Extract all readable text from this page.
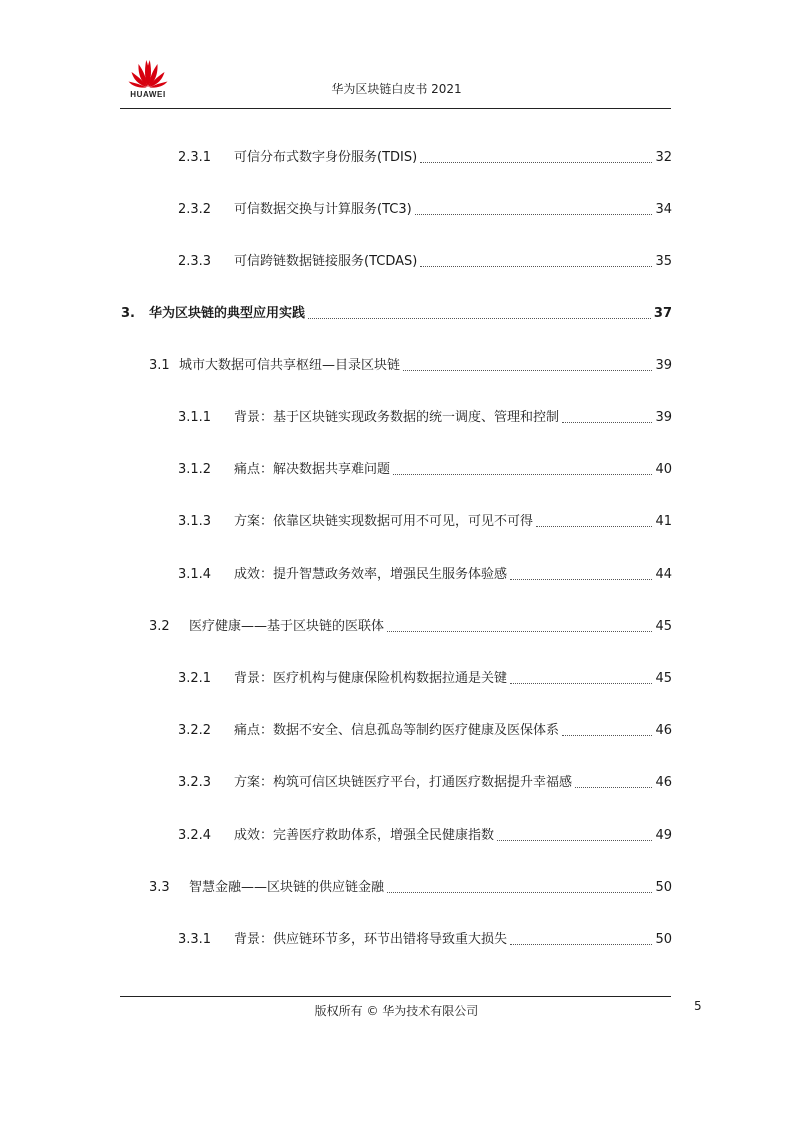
HUAWEI	华为区块链白皮书 2021
2.3.1	可信分布式数字身份服务(TDIS)	32
2.3.2	可信数据交换与计算服务(TC3)	34
2.3.3	可信跨链数据链接服务(TCDAS)	35
3.	华为区块链的典型应用实践	37
3.1 城市大数据可信共享枢纽—目录区块链	39
3.1.1	背景：基于区块链实现政务数据的统一调度、管理和控制	39
3.1.2	痛点：解决数据共享难问题	40
3.1.3	方案：依靠区块链实现数据可用不可见，可见不可得	41
3.1.4	成效：提升智慧政务效率，增强民生服务体验感	44
3.2	医疗健康——基于区块链的医联体	45
3.2.1	背景：医疗机构与健康保险机构数据拉通是关键	45
3.2.2	痛点：数据不安全、信息孤岛等制约医疗健康及医保体系	46
3.2.3	方案：构筑可信区块链医疗平台，打通医疗数据提升幸福感	46
3.2.4	成效：完善医疗救助体系，增强全民健康指数	49
3.3	智慧金融——区块链的供应链金融	50
3.3.1	背景：供应链环节多，环节出错将导致重大损失	50
版权所有 © 华为技术有限公司	5
